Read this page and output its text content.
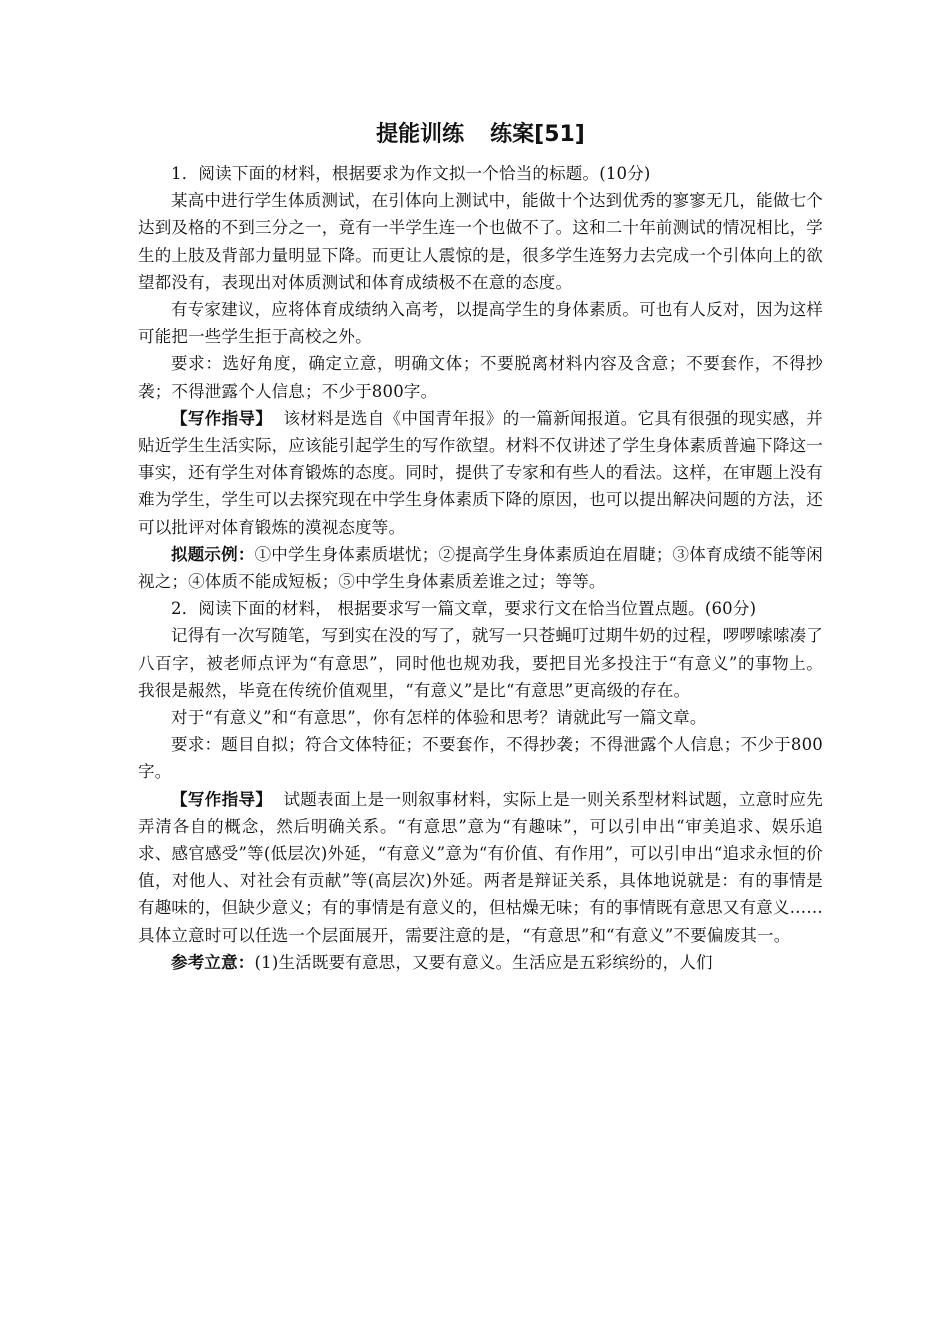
提能训练 练案[51]

1．阅读下面的材料，根据要求为作文拟一个恰当的标题。(10分)

某高中进行学生体质测试，在引体向上测试中，能做十个达到优秀的寥寥无几，能做七个达到及格的不到三分之一，竟有一半学生连一个也做不了。这和二十年前测试的情况相比，学生的上肢及背部力量明显下降。而更让人震惊的是，很多学生连努力去完成一个引体向上的欲望都没有，表现出对体质测试和体育成绩极不在意的态度。

有专家建议，应将体育成绩纳入高考，以提高学生的身体素质。可也有人反对，因为这样可能把一些学生拒于高校之外。

要求：选好角度，确定立意，明确文体；不要脱离材料内容及含意；不要套作，不得抄袭；不得泄露个人信息；不少于800字。

【写作指导】 该材料是选自《中国青年报》的一篇新闻报道。它具有很强的现实感，并贴近学生生活实际，应该能引起学生的写作欲望。材料不仅讲述了学生身体素质普遍下降这一事实，还有学生对体育锻炼的态度。同时，提供了专家和有些人的看法。这样，在审题上没有难为学生，学生可以去探究现在中学生身体素质下降的原因，也可以提出解决问题的方法，还可以批评对体育锻炼的漠视态度等。

拟题示例：①中学生身体素质堪忧；②提高学生身体素质迫在眉睫；③体育成绩不能等闲视之；④体质不能成短板；⑤中学生身体素质差谁之过；等等。

2．阅读下面的材料， 根据要求写一篇文章，要求行文在恰当位置点题。(60分)

记得有一次写随笔，写到实在没的写了，就写一只苍蝇叮过期牛奶的过程，啰啰嗦嗦凑了八百字，被老师点评为“有意思”，同时他也规劝我，要把目光多投注于“有意义”的事物上。我很是赧然，毕竟在传统价值观里，“有意义”是比“有意思”更高级的存在。

对于“有意义”和“有意思”，你有怎样的体验和思考？请就此写一篇文章。

要求：题目自拟；符合文体特征；不要套作，不得抄袭；不得泄露个人信息；不少于800字。

【写作指导】 试题表面上是一则叙事材料，实际上是一则关系型材料试题，立意时应先弄清各自的概念，然后明确关系。“有意思”意为“有趣味”，可以引申出“审美追求、娱乐追求、感官感受”等(低层次)外延，“有意义”意为“有价值、有作用”，可以引申出“追求永恒的价值，对他人、对社会有贡献”等(高层次)外延。两者是辩证关系，具体地说就是：有的事情是有趣味的，但缺少意义；有的事情是有意义的，但枯燥无味；有的事情既有意思又有意义……具体立意时可以任选一个层面展开，需要注意的是，“有意思”和“有意义”不要偏废其一。

参考立意：(1)生活既要有意思，又要有意义。生活应是五彩缤纷的，人们
